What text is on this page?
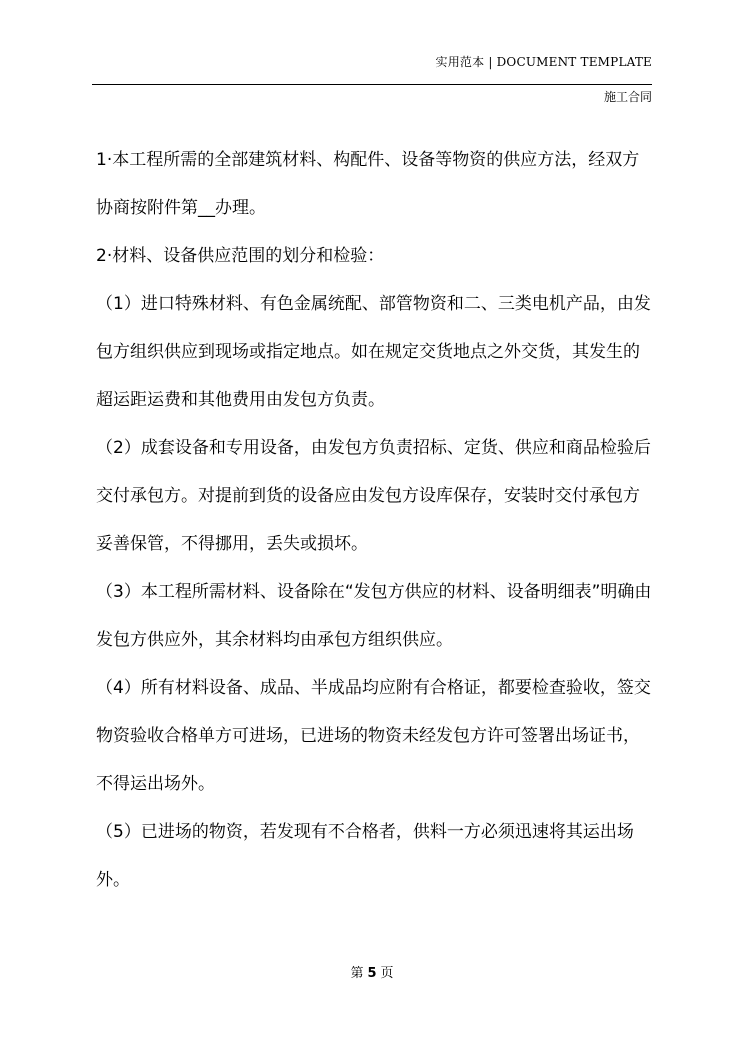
实用范本 | DOCUMENT TEMPLATE
施工合同

1·本工程所需的全部建筑材料、构配件、设备等物资的供应方法，经双方协商按附件第__办理。

2·材料、设备供应范围的划分和检验：

（1）进口特殊材料、有色金属统配、部管物资和二、三类电机产品，由发包方组织供应到现场或指定地点。如在规定交货地点之外交货，其发生的超运距运费和其他费用由发包方负责。

（2）成套设备和专用设备，由发包方负责招标、定货、供应和商品检验后交付承包方。对提前到货的设备应由发包方设库保存，安装时交付承包方妥善保管，不得挪用，丢失或损坏。

（3）本工程所需材料、设备除在“发包方供应的材料、设备明细表”明确由发包方供应外，其余材料均由承包方组织供应。

（4）所有材料设备、成品、半成品均应附有合格证，都要检查验收，签交物资验收合格单方可进场，已进场的物资未经发包方许可签署出场证书，不得运出场外。

（5）已进场的物资，若发现有不合格者，供料一方必须迅速将其运出场外。

第 5 页
